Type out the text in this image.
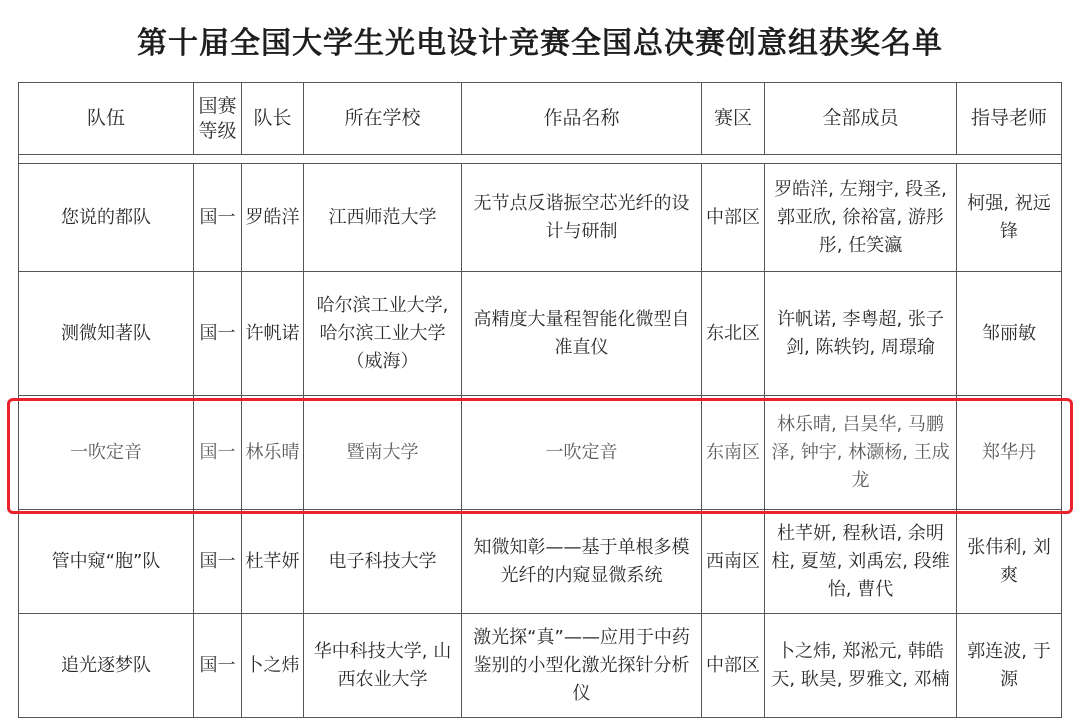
第十届全国大学生光电设计竞赛全国总决赛创意组获奖名单
队伍	国赛等级	队长	所在学校	作品名称	赛区	全部成员	指导老师

您说的都队	国一	罗皓洋	江西师范大学	无节点反谐振空芯光纤的设计与研制	中部区	罗皓洋, 左翔宇, 段圣, 郭亚欣, 徐裕富, 游彤彤, 任笑瀛	柯强, 祝远锋
测微知著队	国一	许帆诺	哈尔滨工业大学, 哈尔滨工业大学（威海）	高精度大量程智能化微型自准直仪	东北区	许帆诺, 李粤超, 张子剑, 陈轶钧, 周璟瑜	邹丽敏
一吹定音	国一	林乐晴	暨南大学	一吹定音	东南区	林乐晴, 吕昊华, 马鹏泽, 钟宇, 林灏杨, 王成龙	郑华丹
管中窥“胞”队	国一	杜芊妍	电子科技大学	知微知彰——基于单根多模光纤的内窥显微系统	西南区	杜芊妍, 程秋语, 余明柱, 夏堃, 刘禹宏, 段维怡, 曹代	张伟利, 刘爽
追光逐梦队	国一	卜之炜	华中科技大学, 山西农业大学	激光探“真”——应用于中药鉴别的小型化激光探针分析仪	中部区	卜之炜, 郑淞元, 韩皓天, 耿昊, 罗雅文, 邓楠	郭连波, 于源
